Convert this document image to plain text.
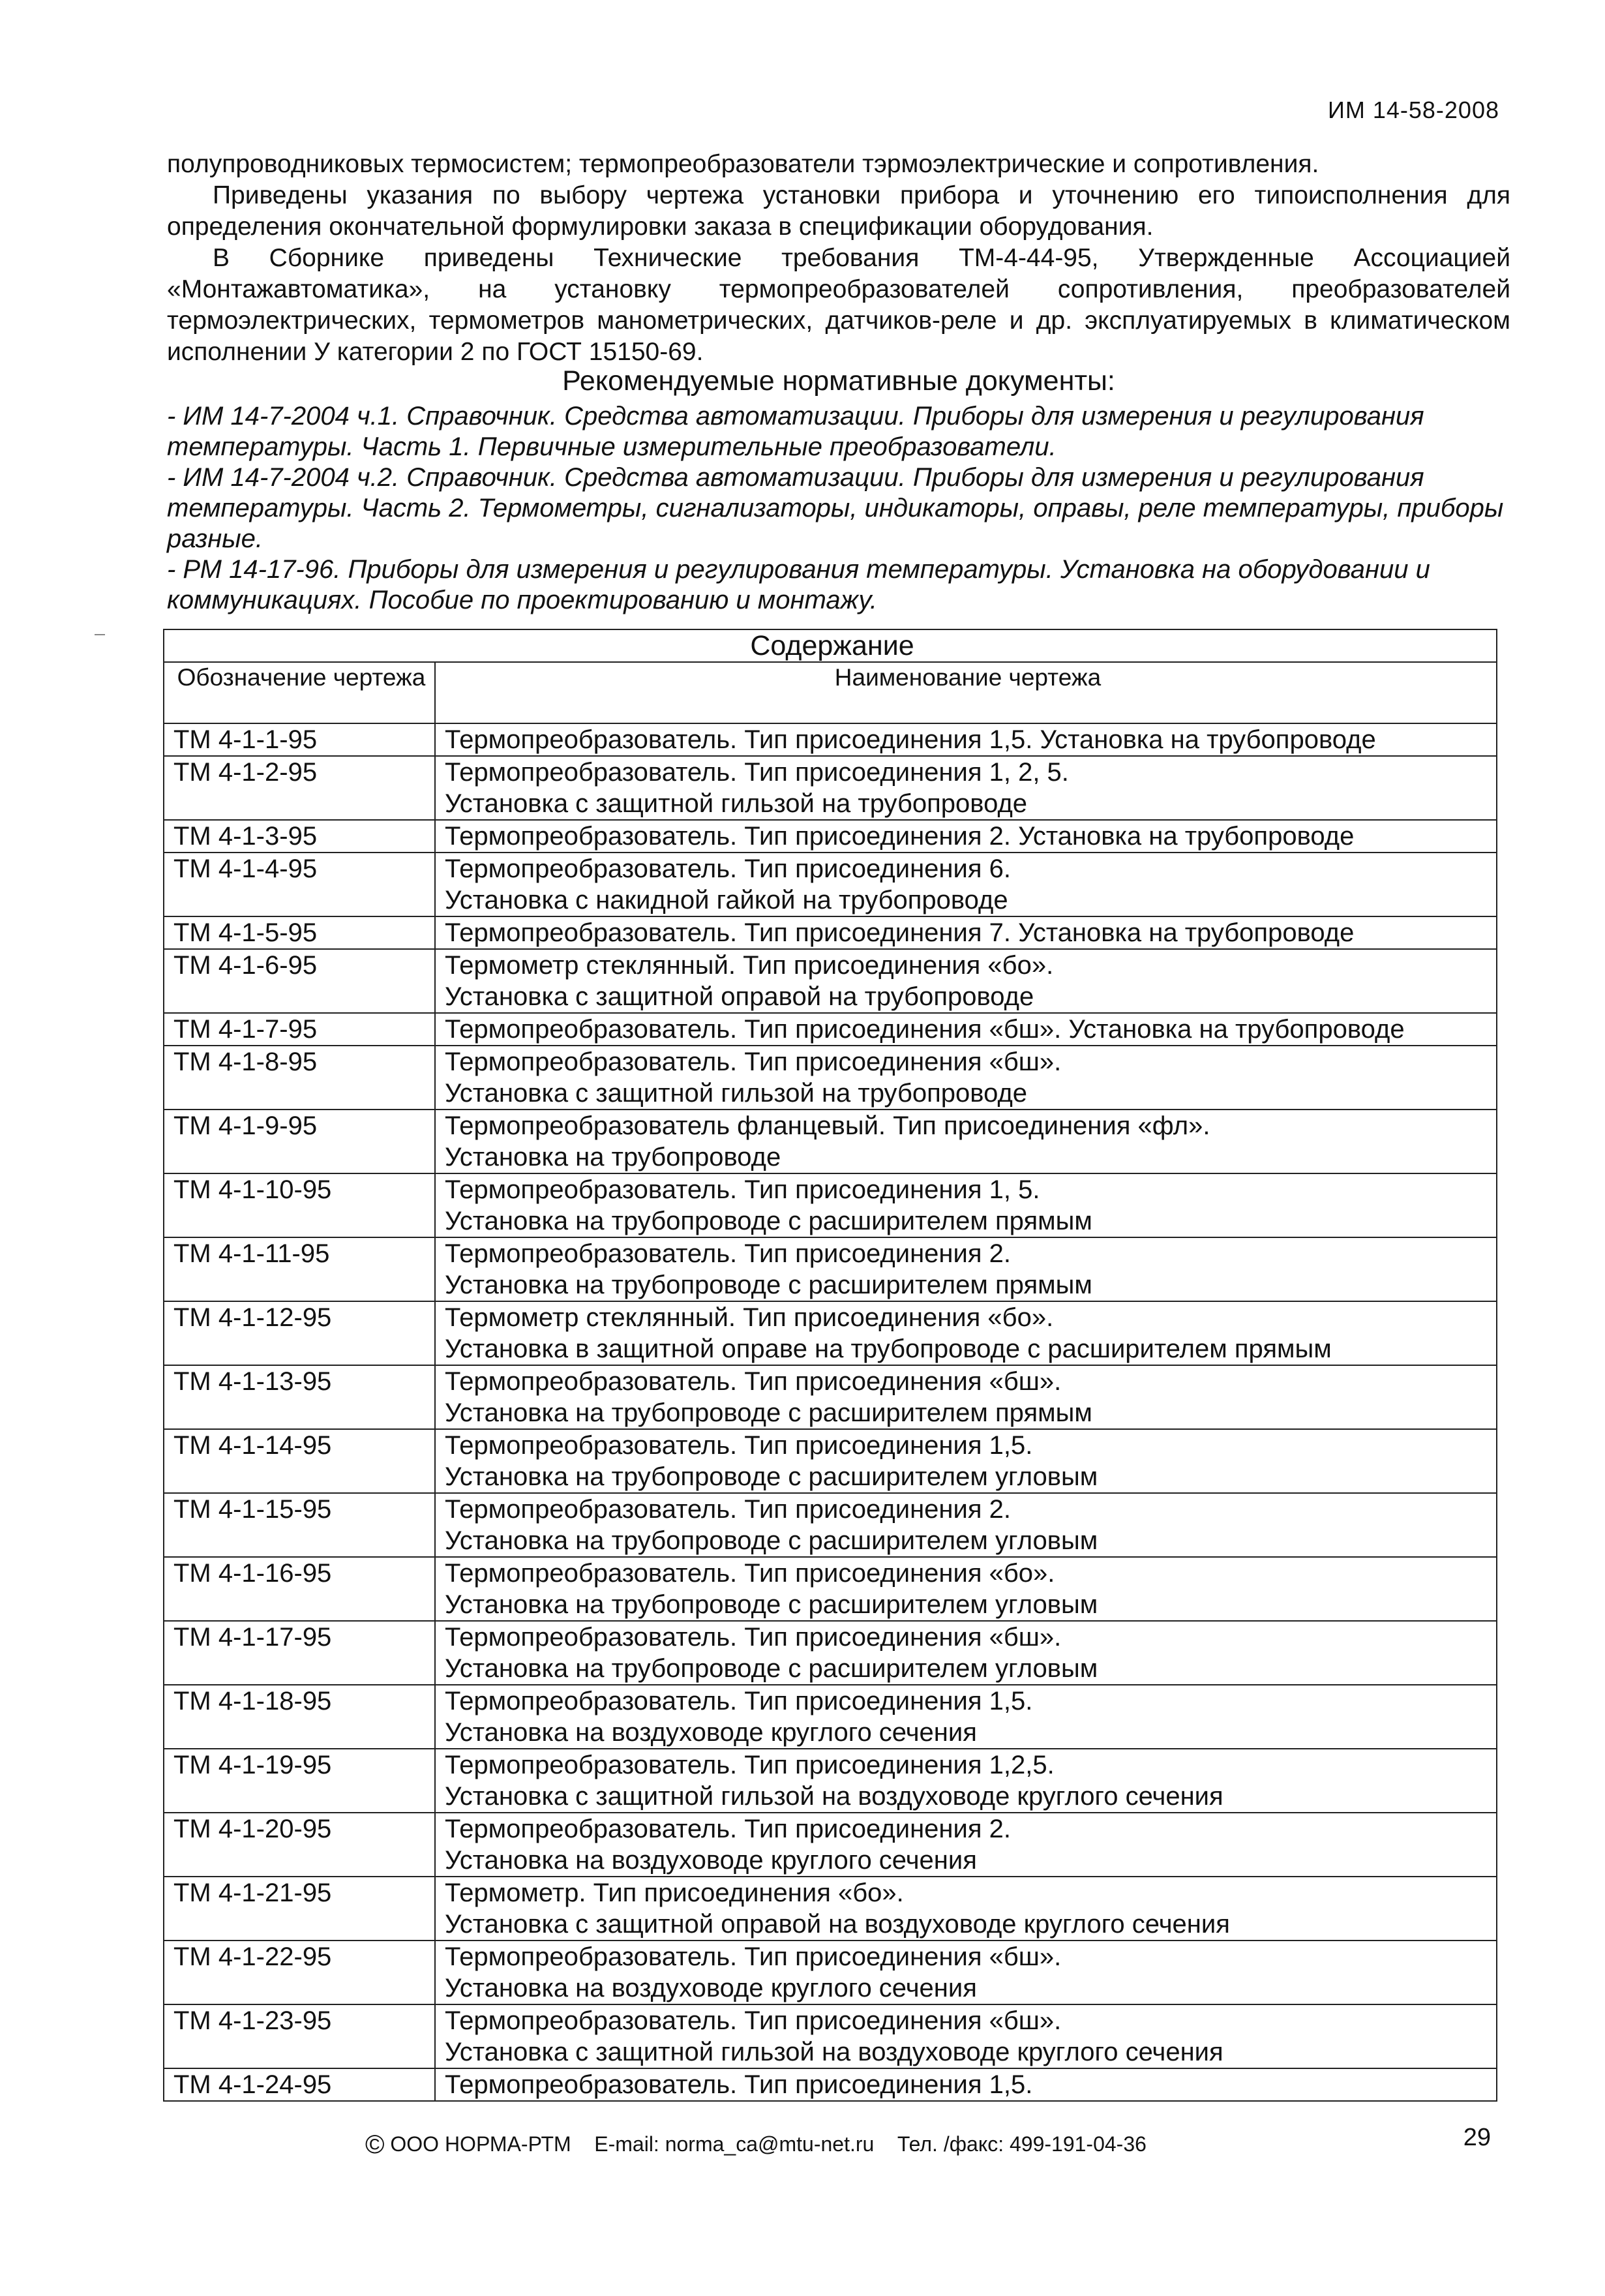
ИМ 14-58-2008

полупроводниковых термосистем; термопреобразователи тэрмоэлектрические и сопротивления.

Приведены указания по выбору чертежа установки прибора и уточнению его типоисполнения для определения окончательной формулировки заказа в спецификации оборудования.

В Сборнике приведены Технические требования ТМ-4-44-95, Утвержденные Ассоциацией «Монтажавтоматика», на установку термопреобразователей сопротивления, преобразователей термоэлектрических, термометров манометрических, датчиков-реле и др. эксплуатируемых в климатическом исполнении У категории 2 по ГОСТ 15150-69.

Рекомендуемые нормативные документы:

- ИМ 14-7-2004 ч.1. Справочник. Средства автоматизации. Приборы для измерения и регулирования температуры. Часть 1. Первичные измерительные преобразователи.

- ИМ 14-7-2004 ч.2. Справочник. Средства автоматизации. Приборы для измерения и регулирования температуры. Часть 2. Термометры, сигнализаторы, индикаторы, оправы, реле температуры, приборы разные.

- РМ 14-17-96. Приборы для измерения и регулирования температуры. Установка на оборудовании и коммуникациях. Пособие по проектированию и монтажу.

Содержание	
Обозначение чертежа	Наименование чертежа
ТМ 4-1-1-95	Термопреобразователь. Тип присоединения 1,5. Установка на трубопроводе

ТМ 4-1-2-95	Термопреобразователь. Тип присоединения 1, 2, 5.
Установка с защитной гильзой на трубопроводе

ТМ 4-1-3-95	Термопреобразователь. Тип присоединения 2. Установка на трубопроводе

ТМ 4-1-4-95	Термопреобразователь. Тип присоединения 6.
Установка с накидной гайкой на трубопроводе

ТМ 4-1-5-95	Термопреобразователь. Тип присоединения 7. Установка на трубопроводе

ТМ 4-1-6-95	Термометр стеклянный. Тип присоединения «бо».
Установка с защитной оправой на трубопроводе

ТМ 4-1-7-95	Термопреобразователь. Тип присоединения «бш». Установка на трубопроводе

ТМ 4-1-8-95	Термопреобразователь. Тип присоединения «бш».
Установка с защитной гильзой на трубопроводе

ТМ 4-1-9-95	Термопреобразователь фланцевый. Тип присоединения «фл».
Установка на трубопроводе

ТМ 4-1-10-95	Термопреобразователь. Тип присоединения 1, 5.
Установка на трубопроводе с расширителем прямым

ТМ 4-1-11-95	Термопреобразователь. Тип присоединения 2.
Установка на трубопроводе с расширителем прямым

ТМ 4-1-12-95	Термометр стеклянный. Тип присоединения «бо».
Установка в защитной оправе на трубопроводе с расширителем прямым

ТМ 4-1-13-95	Термопреобразователь. Тип присоединения «бш».
Установка на трубопроводе с расширителем прямым

ТМ 4-1-14-95	Термопреобразователь. Тип присоединения 1,5.
Установка на трубопроводе с расширителем угловым

ТМ 4-1-15-95	Термопреобразователь. Тип присоединения 2.
Установка на трубопроводе с расширителем угловым

ТМ 4-1-16-95	Термопреобразователь. Тип присоединения «бо».
Установка на трубопроводе с расширителем угловым

ТМ 4-1-17-95	Термопреобразователь. Тип присоединения «бш».
Установка на трубопроводе с расширителем угловым

ТМ 4-1-18-95	Термопреобразователь. Тип присоединения 1,5.
Установка на воздуховоде круглого сечения

ТМ 4-1-19-95	Термопреобразователь. Тип присоединения 1,2,5.
Установка с защитной гильзой на воздуховоде круглого сечения

ТМ 4-1-20-95	Термопреобразователь. Тип присоединения 2.
Установка на воздуховоде круглого сечения

ТМ 4-1-21-95	Термометр. Тип присоединения «бо».
Установка с защитной оправой на воздуховоде круглого сечения

ТМ 4-1-22-95	Термопреобразователь. Тип присоединения «бш».
Установка на воздуховоде круглого сечения

ТМ 4-1-23-95	Термопреобразователь. Тип присоединения «бш».
Установка с защитной гильзой на воздуховоде круглого сечения

ТМ 4-1-24-95	Термопреобразователь. Тип присоединения 1,5.
© ООО НОРМА-РТМ E-mail: norma_ca@mtu-net.ru Тел. /факс: 499-191-04-36	29
